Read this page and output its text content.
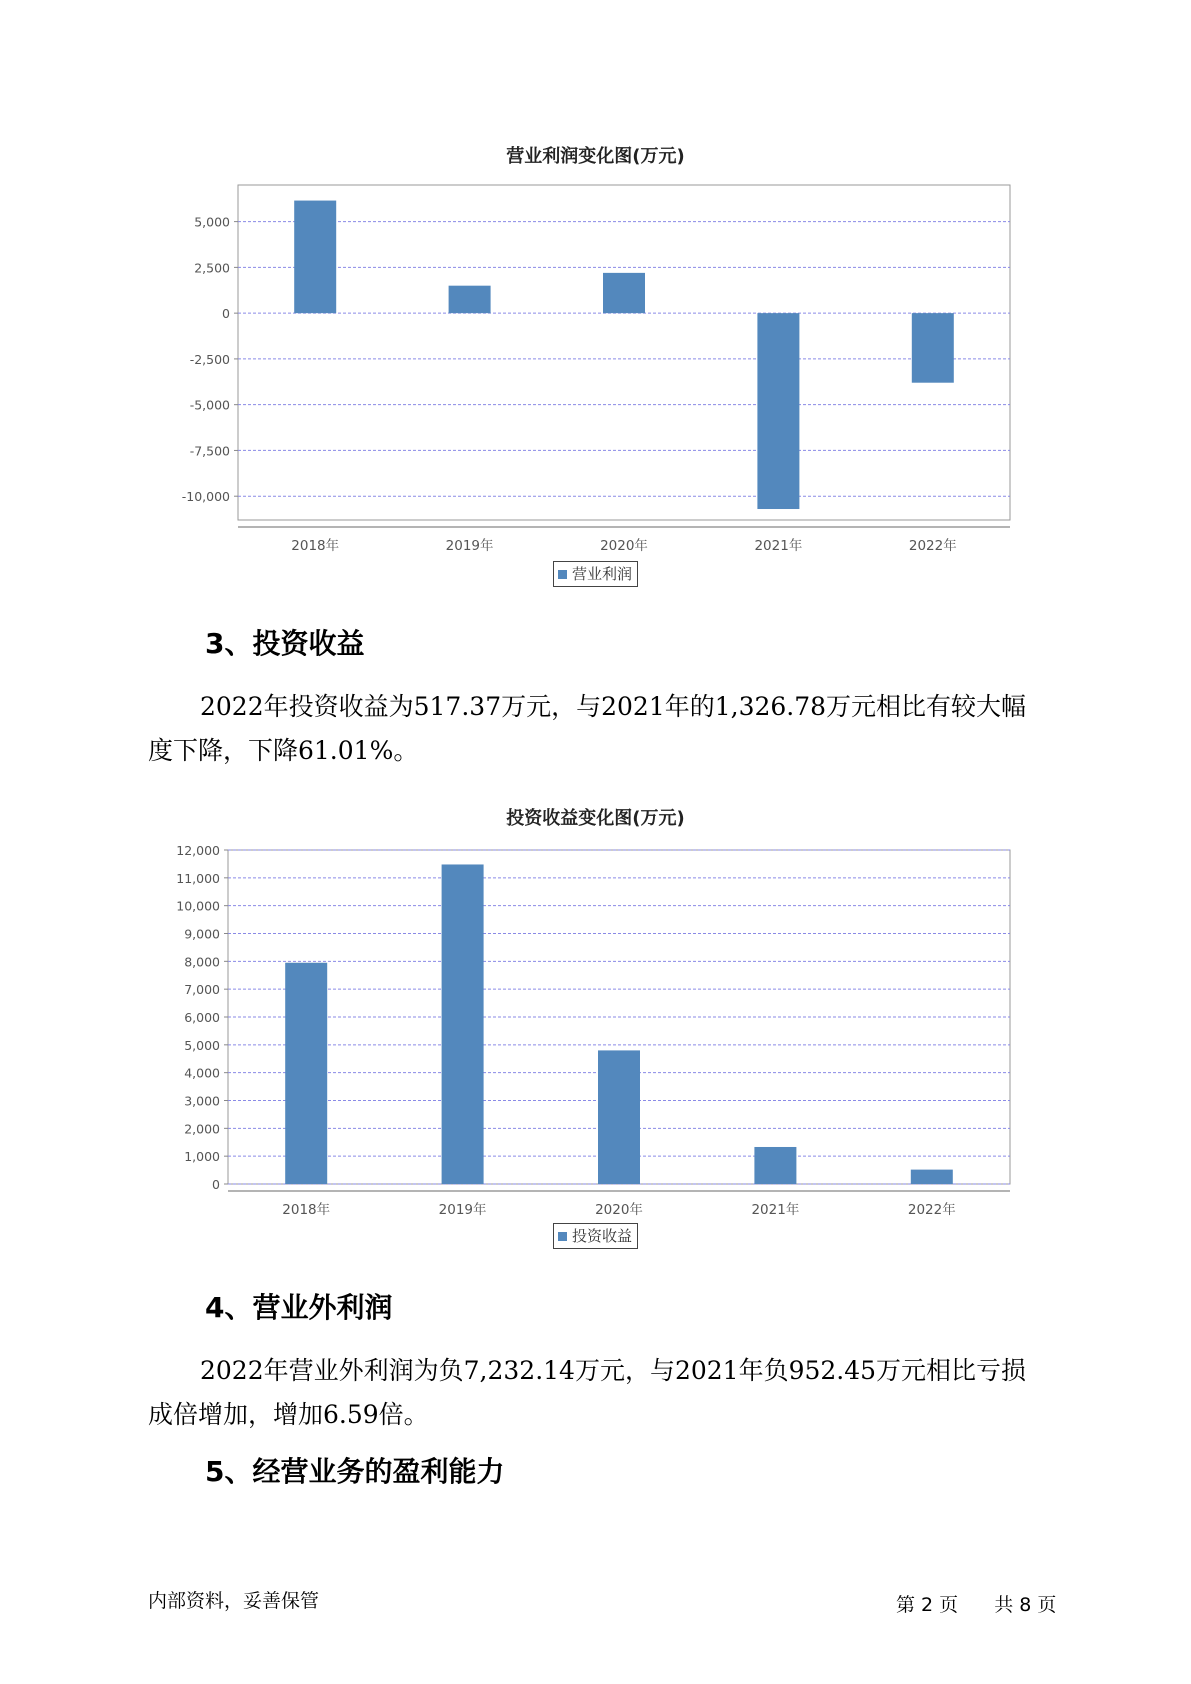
营业利润变化图(万元)
5,000
2,500
0
-2,500
-5,000
-7,500
-10,000
2018年	2019年	2020年	2021年	2022年
营业利润
3、投资收益
2022年投资收益为517.37万元，与2021年的1,326.78万元相比有较大幅度下降，下降61.01%。
投资收益变化图(万元)
12,000
11,000
10,000
9,000
8,000
7,000
6,000
5,000
4,000
3,000
2,000
1,000
0
2018年	2019年	2020年	2021年	2022年
投资收益
4、营业外利润
2022年营业外利润为负7,232.14万元，与2021年负952.45万元相比亏损成倍增加，增加6.59倍。
5、经营业务的盈利能力
内部资料，妥善保管	第 2 页 共 8 页
